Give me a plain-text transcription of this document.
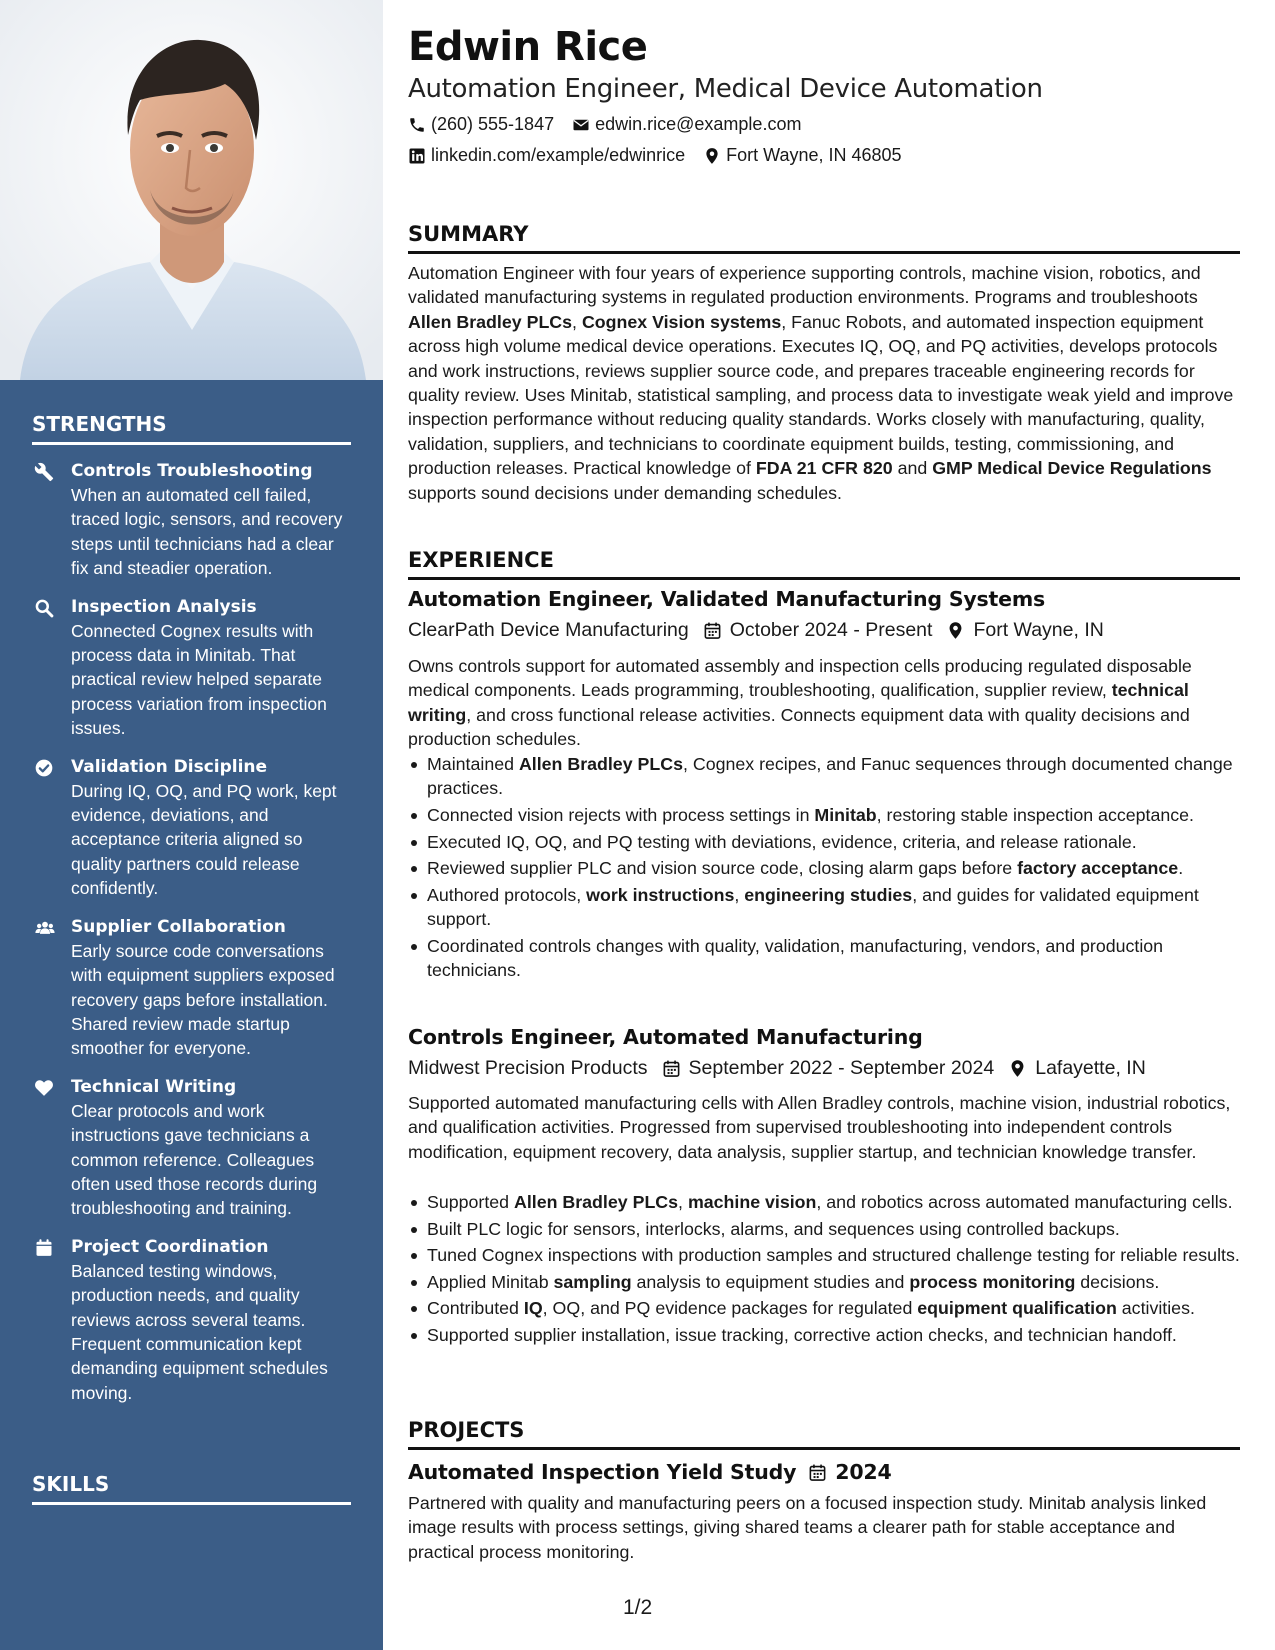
STRENGTHS
Controls Troubleshooting
When an automated cell failed, traced logic, sensors, and recovery steps until technicians had a clear fix and steadier operation.
Inspection Analysis
Connected Cognex results with process data in Minitab. That practical review helped separate process variation from inspection issues.
Validation Discipline
During IQ, OQ, and PQ work, kept evidence, deviations, and acceptance criteria aligned so quality partners could release confidently.
Supplier Collaboration
Early source code conversations with equipment suppliers exposed recovery gaps before installation. Shared review made startup smoother for everyone.
Technical Writing
Clear protocols and work instructions gave technicians a common reference. Colleagues often used those records during troubleshooting and training.
Project Coordination
Balanced testing windows, production needs, and quality reviews across several teams. Frequent communication kept demanding equipment schedules moving.
SKILLS
Edwin Rice
Automation Engineer, Medical Device Automation
(260) 555-1847 edwin.rice@example.com
linkedin.com/example/edwinrice Fort Wayne, IN 46805
SUMMARY
Automation Engineer with four years of experience supporting controls, machine vision, robotics, and validated manufacturing systems in regulated production environments. Programs and troubleshoots Allen Bradley PLCs, Cognex Vision systems, Fanuc Robots, and automated inspection equipment across high volume medical device operations. Executes IQ, OQ, and PQ activities, develops protocols and work instructions, reviews supplier source code, and prepares traceable engineering records for quality review. Uses Minitab, statistical sampling, and process data to investigate weak yield and improve inspection performance without reducing quality standards. Works closely with manufacturing, quality, validation, suppliers, and technicians to coordinate equipment builds, testing, commissioning, and production releases. Practical knowledge of FDA 21 CFR 820 and GMP Medical Device Regulations supports sound decisions under demanding schedules.
EXPERIENCE
Automation Engineer, Validated Manufacturing Systems
ClearPath Device Manufacturing October 2024 - Present Fort Wayne, IN
Owns controls support for automated assembly and inspection cells producing regulated disposable medical components. Leads programming, troubleshooting, qualification, supplier review, technical writing, and cross functional release activities. Connects equipment data with quality decisions and production schedules.
Maintained Allen Bradley PLCs, Cognex recipes, and Fanuc sequences through documented change practices.
Connected vision rejects with process settings in Minitab, restoring stable inspection acceptance.
Executed IQ, OQ, and PQ testing with deviations, evidence, criteria, and release rationale.
Reviewed supplier PLC and vision source code, closing alarm gaps before factory acceptance.
Authored protocols, work instructions, engineering studies, and guides for validated equipment support.
Coordinated controls changes with quality, validation, manufacturing, vendors, and production technicians.
Controls Engineer, Automated Manufacturing
Midwest Precision Products September 2022 - September 2024 Lafayette, IN
Supported automated manufacturing cells with Allen Bradley controls, machine vision, industrial robotics, and qualification activities. Progressed from supervised troubleshooting into independent controls modification, equipment recovery, data analysis, supplier startup, and technician knowledge transfer.
Supported Allen Bradley PLCs, machine vision, and robotics across automated manufacturing cells.
Built PLC logic for sensors, interlocks, alarms, and sequences using controlled backups.
Tuned Cognex inspections with production samples and structured challenge testing for reliable results.
Applied Minitab sampling analysis to equipment studies and process monitoring decisions.
Contributed IQ, OQ, and PQ evidence packages for regulated equipment qualification activities.
Supported supplier installation, issue tracking, corrective action checks, and technician handoff.
PROJECTS
Automated Inspection Yield Study 2024
Partnered with quality and manufacturing peers on a focused inspection study. Minitab analysis linked image results with process settings, giving shared teams a clearer path for stable acceptance and practical process monitoring.
1/2
